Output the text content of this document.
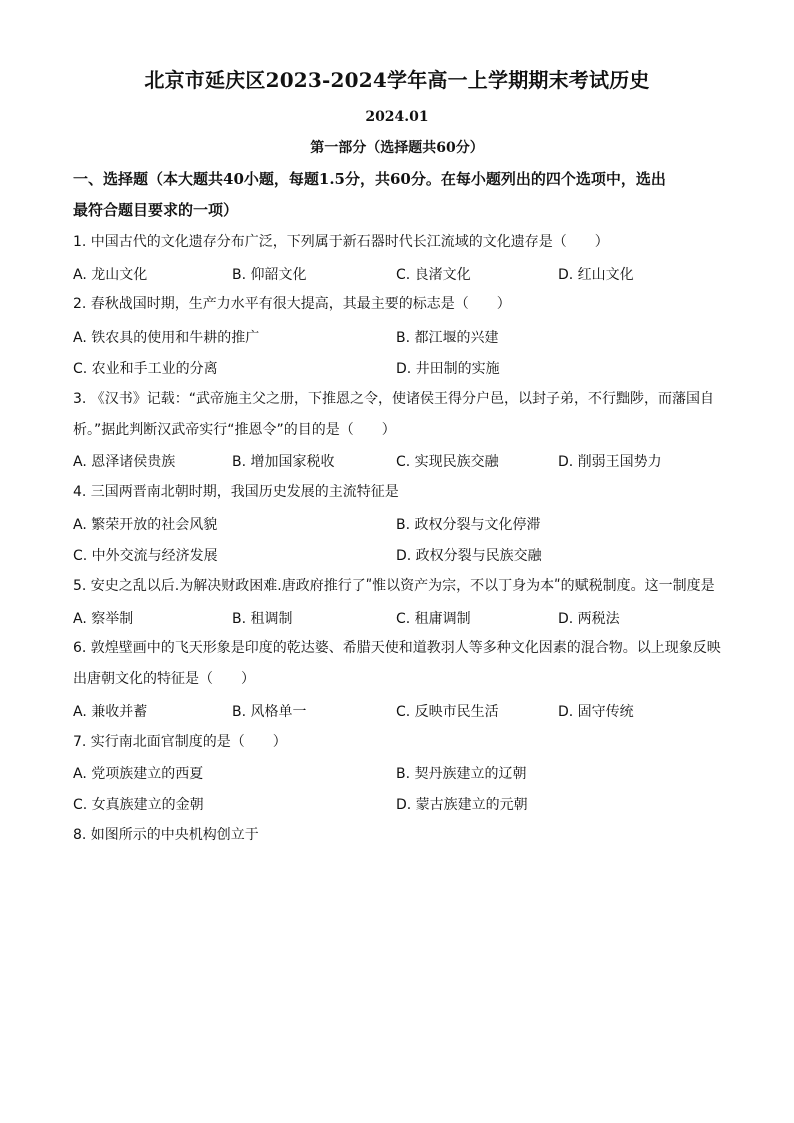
北京市延庆区2023-2024学年高一上学期期末考试历史
2024.01
第一部分（选择题共60分）
一、选择题（本大题共40小题，每题1.5分，共60分。在每小题列出的四个选项中，选出
最符合题目要求的一项）
1. 中国古代的文化遗存分布广泛，下列属于新石器时代长江流域的文化遗存是（　　）
A. 龙山文化	B. 仰韶文化	C. 良渚文化	D. 红山文化
2. 春秋战国时期，生产力水平有很大提高，其最主要的标志是（　　）
A. 铁农具的使用和牛耕的推广	B. 都江堰的兴建
C. 农业和手工业的分离	D. 井田制的实施
3. 《汉书》记载：“武帝施主父之册，下推恩之令，使诸侯王得分户邑，以封子弟，不行黜陟，而藩国自
析。”据此判断汉武帝实行“推恩令”的目的是（　　）
A. 恩泽诸侯贵族	B. 增加国家税收	C. 实现民族交融	D. 削弱王国势力
4. 三国两晋南北朝时期，我国历史发展的主流特征是
A. 繁荣开放的社会风貌	B. 政权分裂与文化停滞
C. 中外交流与经济发展	D. 政权分裂与民族交融
5. 安史之乱以后.为解决财政困难.唐政府推行了ʺ惟以资产为宗，不以丁身为本ʺ的赋税制度。这一制度是
A. 察举制	B. 租调制	C. 租庸调制	D. 两税法
6. 敦煌壁画中的飞天形象是印度的乾达婆、希腊天使和道教羽人等多种文化因素的混合物。以上现象反映
出唐朝文化的特征是（　　）
A. 兼收并蓄	B. 风格单一	C. 反映市民生活	D. 固守传统
7. 实行南北面官制度的是（　　）
A. 党项族建立的西夏	B. 契丹族建立的辽朝
C. 女真族建立的金朝	D. 蒙古族建立的元朝
8. 如图所示的中央机构创立于
